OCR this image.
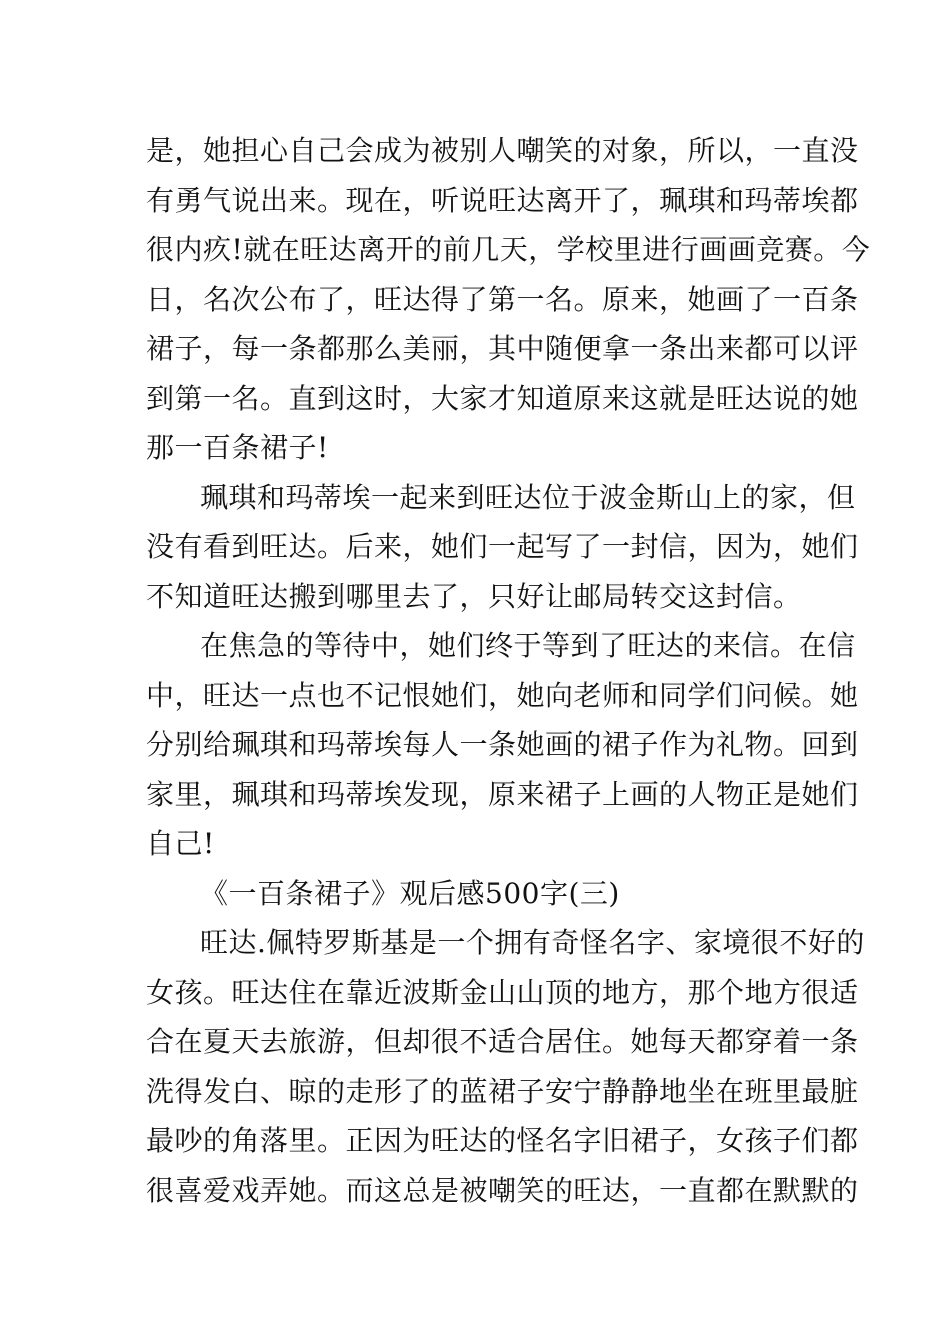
是，她担心自己会成为被别人嘲笑的对象，所以，一直没
有勇气说出来。现在，听说旺达离开了，珮琪和玛蒂埃都
很内疚!就在旺达离开的前几天，学校里进行画画竞赛。今
日，名次公布了，旺达得了第一名。原来，她画了一百条
裙子，每一条都那么美丽，其中随便拿一条出来都可以评
到第一名。直到这时，大家才知道原来这就是旺达说的她
那一百条裙子!
珮琪和玛蒂埃一起来到旺达位于波金斯山上的家，但
没有看到旺达。后来，她们一起写了一封信，因为，她们
不知道旺达搬到哪里去了，只好让邮局转交这封信。
在焦急的等待中，她们终于等到了旺达的来信。在信
中，旺达一点也不记恨她们，她向老师和同学们问候。她
分别给珮琪和玛蒂埃每人一条她画的裙子作为礼物。回到
家里，珮琪和玛蒂埃发现，原来裙子上画的人物正是她们
自己!
《一百条裙子》观后感500字(三)
旺达.佩特罗斯基是一个拥有奇怪名字、家境很不好的
女孩。旺达住在靠近波斯金山山顶的地方，那个地方很适
合在夏天去旅游，但却很不适合居住。她每天都穿着一条
洗得发白、晾的走形了的蓝裙子安宁静静地坐在班里最脏
最吵的角落里。正因为旺达的怪名字旧裙子，女孩子们都
很喜爱戏弄她。而这总是被嘲笑的旺达，一直都在默默的
